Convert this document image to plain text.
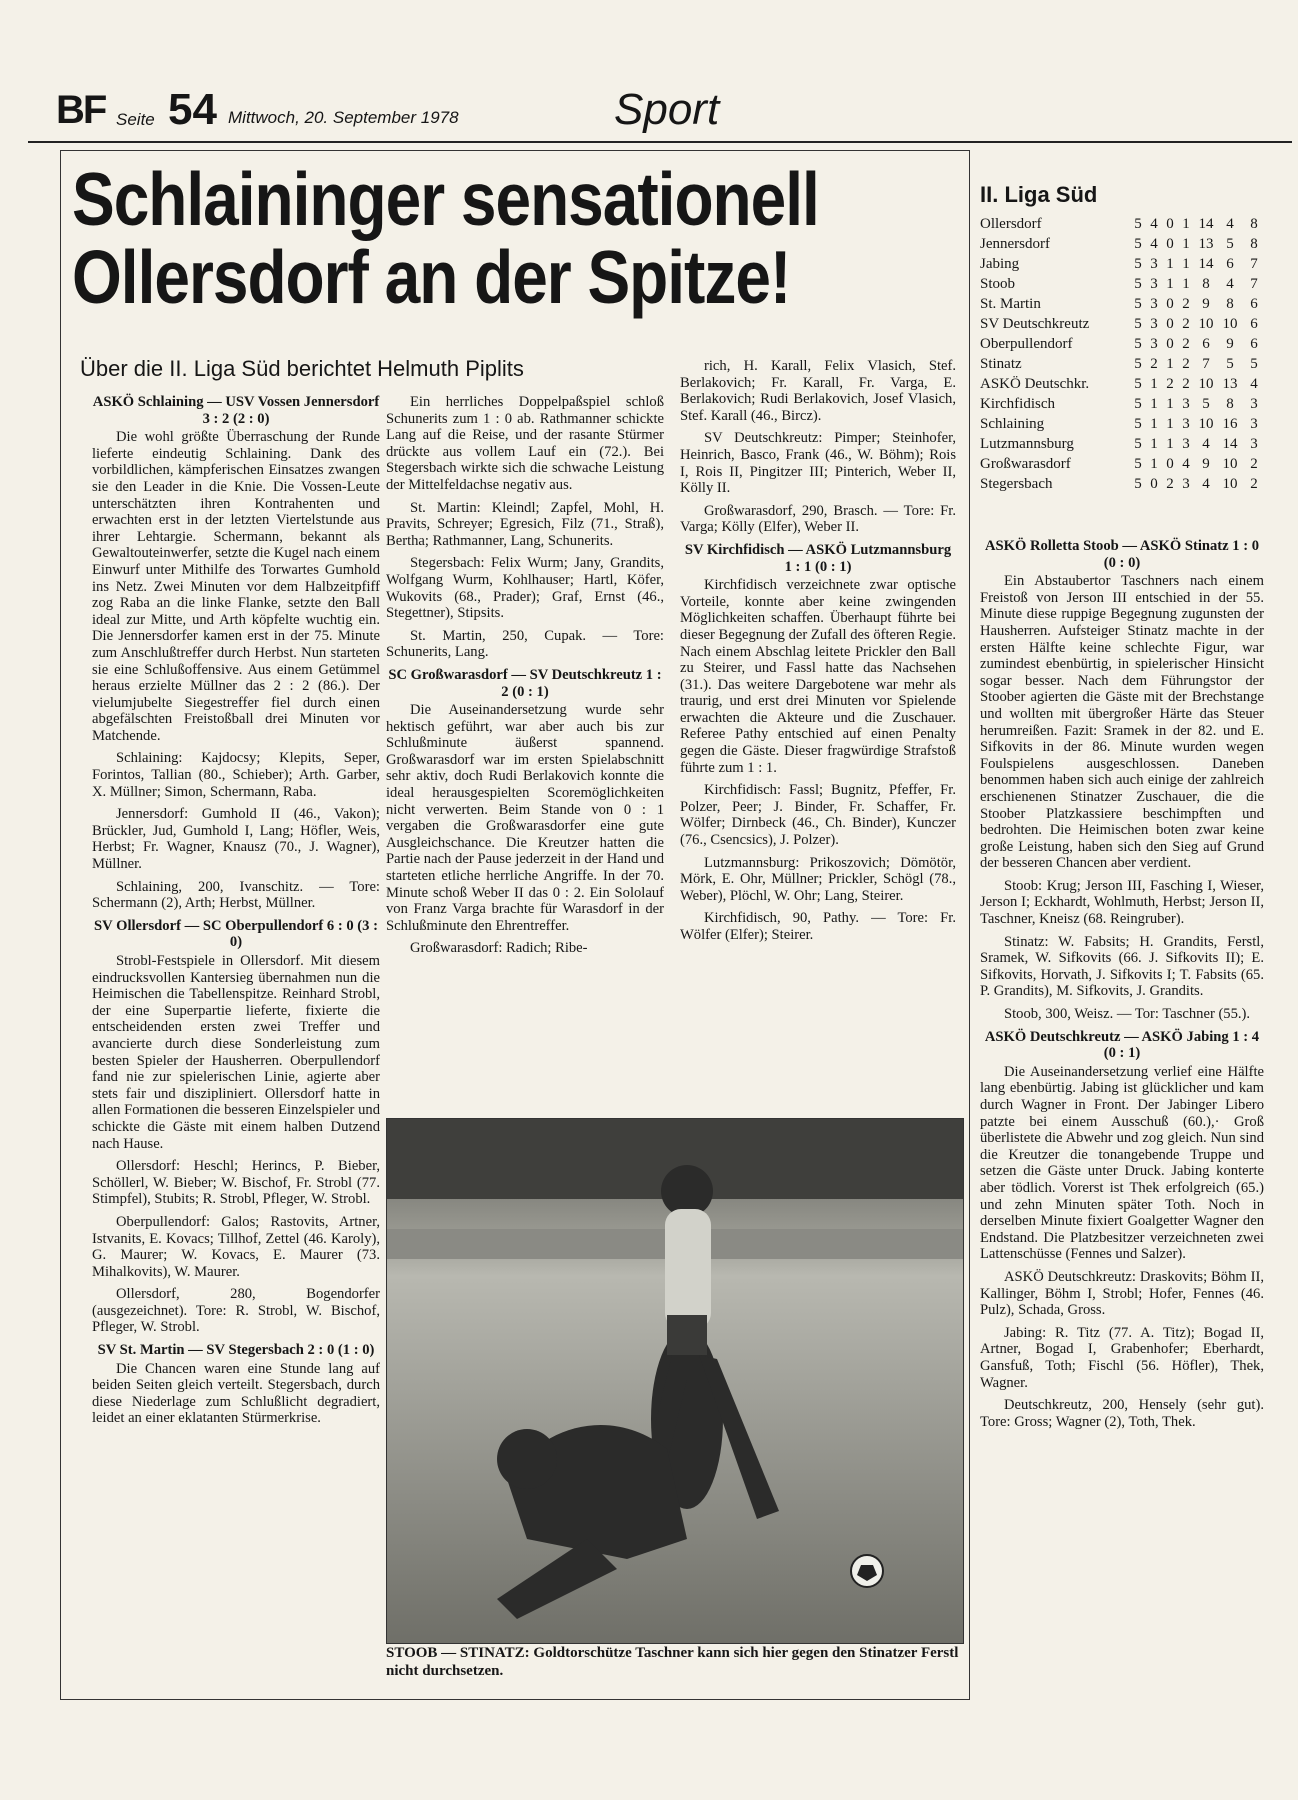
BF Seite 54 Mittwoch, 20. September 1978	Sport
Schlaininger sensationell
Ollersdorf an der Spitze!
Über die II. Liga Süd berichtet Helmuth Piplits

ASKÖ Schlaining — USV Vossen Jennersdorf 3 : 2 (2 : 0)

Die wohl größte Überraschung der Runde lieferte eindeutig Schlaining. Dank des vorbildlichen, kämpferischen Einsatzes zwangen sie den Leader in die Knie. Die Vossen-Leute unterschätzten ihren Kontrahenten und erwachten erst in der letzten Viertelstunde aus ihrer Lehtargie. Schermann, bekannt als Gewaltouteinwerfer, setzte die Kugel nach einem Einwurf unter Mithilfe des Torwartes Gumhold ins Netz. Zwei Minuten vor dem Halbzeitpfiff zog Raba an die linke Flanke, setzte den Ball ideal zur Mitte, und Arth köpfelte wuchtig ein. Die Jennersdorfer kamen erst in der 75. Minute zum Anschlußtreffer durch Herbst. Nun starteten sie eine Schlußoffensive. Aus einem Getümmel heraus erzielte Müllner das 2 : 2 (86.). Der vielumjubelte Siegestreffer fiel durch einen abgefälschten Freistoßball drei Minuten vor Matchende.

Schlaining: Kajdocsy; Klepits, Seper, Forintos, Tallian (80., Schieber); Arth. Garber, X. Müllner; Simon, Schermann, Raba.

Jennersdorf: Gumhold II (46., Vakon); Brückler, Jud, Gumhold I, Lang; Höfler, Weis, Herbst; Fr. Wagner, Knausz (70., J. Wagner), Müllner.

Schlaining, 200, Ivanschitz. — Tore: Schermann (2), Arth; Herbst, Müllner.

SV Ollersdorf — SC Oberpullendorf 6 : 0 (3 : 0)

Strobl-Festspiele in Ollersdorf. Mit diesem eindrucksvollen Kantersieg übernahmen nun die Heimischen die Tabellenspitze. Reinhard Strobl, der eine Superpartie lieferte, fixierte die entscheidenden ersten zwei Treffer und avancierte durch diese Sonderleistung zum besten Spieler der Hausherren. Oberpullendorf fand nie zur spielerischen Linie, agierte aber stets fair und diszipliniert. Ollersdorf hatte in allen Formationen die besseren Einzelspieler und schickte die Gäste mit einem halben Dutzend nach Hause.

Ollersdorf: Heschl; Herincs, P. Bieber, Schöllerl, W. Bieber; W. Bischof, Fr. Strobl (77. Stimpfel), Stubits; R. Strobl, Pfleger, W. Strobl.

Oberpullendorf: Galos; Rastovits, Artner, Istvanits, E. Kovacs; Tillhof, Zettel (46. Karoly), G. Maurer; W. Kovacs, E. Maurer (73. Mihalkovits), W. Maurer.

Ollersdorf, 280, Bogendorfer (ausgezeichnet). Tore: R. Strobl, W. Bischof, Pfleger, W. Strobl.

SV St. Martin — SV Stegersbach 2 : 0 (1 : 0)

Die Chancen waren eine Stunde lang auf beiden Seiten gleich verteilt. Stegersbach, durch diese Niederlage zum Schlußlicht degradiert, leidet an einer eklatanten Stürmerkrise.

Ein herrliches Doppelpaßspiel schloß Schunerits zum 1 : 0 ab. Rathmanner schickte Lang auf die Reise, und der rasante Stürmer drückte aus vollem Lauf ein (72.). Bei Stegersbach wirkte sich die schwache Leistung der Mittelfeldachse negativ aus.

St. Martin: Kleindl; Zapfel, Mohl, H. Pravits, Schreyer; Egresich, Filz (71., Straß), Bertha; Rathmanner, Lang, Schunerits.

Stegersbach: Felix Wurm; Jany, Grandits, Wolfgang Wurm, Kohlhauser; Hartl, Köfer, Wukovits (68., Prader); Graf, Ernst (46., Stegettner), Stipsits.

St. Martin, 250, Cupak. — Tore: Schunerits, Lang.

SC Großwarasdorf — SV Deutschkreutz 1 : 2 (0 : 1)

Die Auseinandersetzung wurde sehr hektisch geführt, war aber auch bis zur Schlußminute äußerst spannend. Großwarasdorf war im ersten Spielabschnitt sehr aktiv, doch Rudi Berlakovich konnte die ideal herausgespielten Scoremöglichkeiten nicht verwerten. Beim Stande von 0 : 1 vergaben die Großwarasdorfer eine gute Ausgleichschance. Die Kreutzer hatten die Partie nach der Pause jederzeit in der Hand und starteten etliche herrliche Angriffe. In der 70. Minute schoß Weber II das 0 : 2. Ein Sololauf von Franz Varga brachte für Warasdorf in der Schlußminute den Ehrentreffer.

Großwarasdorf: Radich; Ribe-

rich, H. Karall, Felix Vlasich, Stef. Berlakovich; Fr. Karall, Fr. Varga, E. Berlakovich; Rudi Berlakovich, Josef Vlasich, Stef. Karall (46., Bircz).

SV Deutschkreutz: Pimper; Steinhofer, Heinrich, Basco, Frank (46., W. Böhm); Rois I, Rois II, Pingitzer III; Pinterich, Weber II, Kölly II.

Großwarasdorf, 290, Brasch. — Tore: Fr. Varga; Kölly (Elfer), Weber II.

SV Kirchfidisch — ASKÖ Lutzmannsburg 1 : 1 (0 : 1)

Kirchfidisch verzeichnete zwar optische Vorteile, konnte aber keine zwingenden Möglichkeiten schaffen. Überhaupt führte bei dieser Begegnung der Zufall des öfteren Regie. Nach einem Abschlag leitete Prickler den Ball zu Steirer, und Fassl hatte das Nachsehen (31.). Das weitere Dargebotene war mehr als traurig, und erst drei Minuten vor Spielende erwachten die Akteure und die Zuschauer. Referee Pathy entschied auf einen Penalty gegen die Gäste. Dieser fragwürdige Strafstoß führte zum 1 : 1.

Kirchfidisch: Fassl; Bugnitz, Pfeffer, Fr. Polzer, Peer; J. Binder, Fr. Schaffer, Fr. Wölfer; Dirnbeck (46., Ch. Binder), Kunczer (76., Csencsics), J. Polzer).

Lutzmannsburg: Prikoszovich; Dömötör, Mörk, E. Ohr, Müllner; Prickler, Schögl (78., Weber), Plöchl, W. Ohr; Lang, Steirer.

Kirchfidisch, 90, Pathy. — Tore: Fr. Wölfer (Elfer); Steirer.

ASKÖ Rolletta Stoob — ASKÖ Stinatz 1 : 0 (0 : 0)

Ein Abstaubertor Taschners nach einem Freistoß von Jerson III entschied in der 55. Minute diese ruppige Begegnung zugunsten der Hausherren. Aufsteiger Stinatz machte in der ersten Hälfte keine schlechte Figur, war zumindest ebenbürtig, in spielerischer Hinsicht sogar besser. Nach dem Führungstor der Stoober agierten die Gäste mit der Brechstange und wollten mit übergroßer Härte das Steuer herumreißen. Fazit: Sramek in der 82. und E. Sifkovits in der 86. Minute wurden wegen Foulspielens ausgeschlossen. Daneben benommen haben sich auch einige der zahlreich erschienenen Stinatzer Zuschauer, die die Stoober Platzkassiere beschimpften und bedrohten. Die Heimischen boten zwar keine große Leistung, haben sich den Sieg auf Grund der besseren Chancen aber verdient.

Stoob: Krug; Jerson III, Fasching I, Wieser, Jerson I; Eckhardt, Wohlmuth, Herbst; Jerson II, Taschner, Kneisz (68. Reingruber).

Stinatz: W. Fabsits; H. Grandits, Ferstl, Sramek, W. Sifkovits (66. J. Sifkovits II); E. Sifkovits, Horvath, J. Sifkovits I; T. Fabsits (65. P. Grandits), M. Sifkovits, J. Grandits.

Stoob, 300, Weisz. — Tor: Taschner (55.).

ASKÖ Deutschkreutz — ASKÖ Jabing 1 : 4 (0 : 1)

Die Auseinandersetzung verlief eine Hälfte lang ebenbürtig. Jabing ist glücklicher und kam durch Wagner in Front. Der Jabinger Libero patzte bei einem Ausschuß (60.),· Groß überlistete die Abwehr und zog gleich. Nun sind die Kreutzer die tonangebende Truppe und setzen die Gäste unter Druck. Jabing konterte aber tödlich. Vorerst ist Thek erfolgreich (65.) und zehn Minuten später Toth. Noch in derselben Minute fixiert Goalgetter Wagner den Endstand. Die Platzbesitzer verzeichneten zwei Lattenschüsse (Fennes und Salzer).

ASKÖ Deutschkreutz: Draskovits; Böhm II, Kallinger, Böhm I, Strobl; Hofer, Fennes (46. Pulz), Schada, Gross.

Jabing: R. Titz (77. A. Titz); Bogad II, Artner, Bogad I, Grabenhofer; Eberhardt, Gansfuß, Toth; Fischl (56. Höfler), Thek, Wagner.

Deutschkreutz, 200, Hensely (sehr gut). Tore: Gross; Wagner (2), Toth, Thek.

II. Liga Süd
Ollersdorf	5 4 0 1 14 4	8
Jennersdorf	5 4 0 1 13 5	8
Jabing	5 3 1 1 14 6	7
Stoob	5 3 1 1 8	4	7
St. Martin	5 3 0 2 9	8	6
SV Deutschkreutz	5 3 0 2 10 10 6
Oberpullendorf	5 3 0 2 6	9	6
Stinatz	5 2 1 2 7	5	5
ASKÖ Deutschkr.	5 1 2 2 10 13 4
Kirchfidisch	5 1 1 3 5	8	3
Schlaining	5 1 1 3 10 16 3
Lutzmannsburg	5 1 1 3 4 14 3
Großwarasdorf	5 1 0 4 9 10 2
Stegersbach	5 0 2 3 4 10 2
STOOB — STINATZ: Goldtorschütze Taschner kann sich hier gegen den Stinatzer Ferstl nicht durchsetzen.
